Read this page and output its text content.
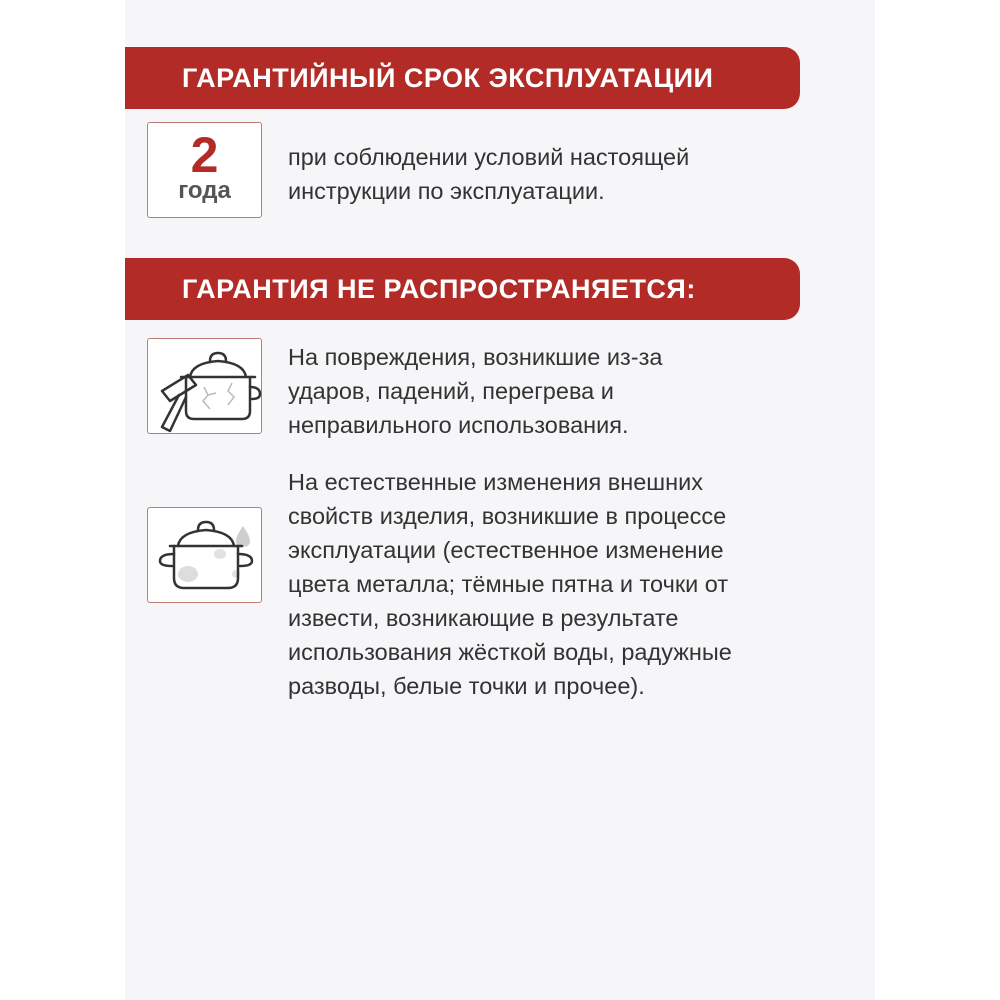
ГАРАНТИЙНЫЙ СРОК ЭКСПЛУАТАЦИИ
2
года
при соблюдении условий настоящей
инструкции по эксплуатации.
ГАРАНТИЯ НЕ РАСПРОСТРАНЯЕТСЯ:
На повреждения, возникшие из-за
ударов, падений, перегрева и
неправильного использования.
На естественные изменения внешних
свойств изделия, возникшие в процессе
эксплуатации (естественное изменение
цвета металла; тёмные пятна и точки от
извести, возникающие в результате
использования жёсткой воды, радужные
разводы, белые точки и прочее).
